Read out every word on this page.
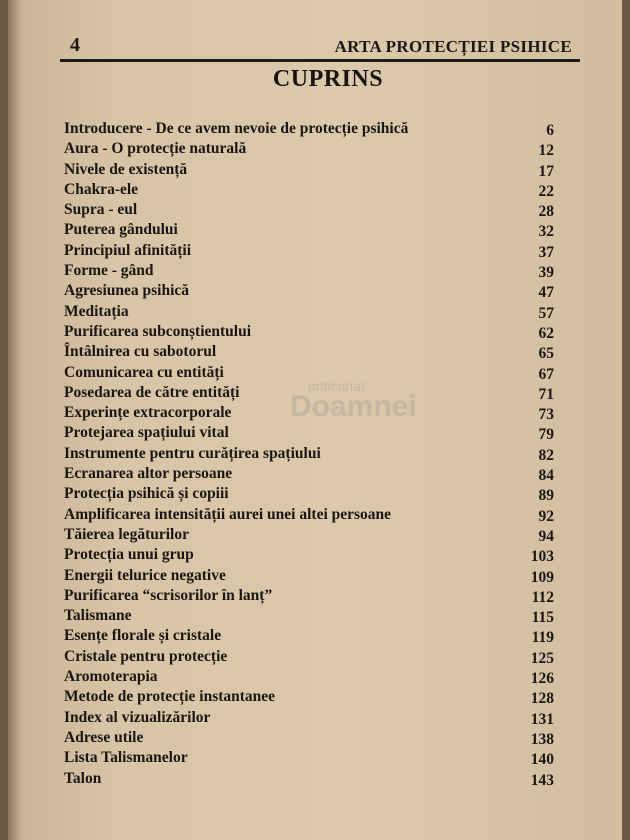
4	ARTA PROTECȚIEI PSIHICE
CUPRINS
Introducere - De ce avem nevoie de protecție psihică	6
Aura - O protecție naturală	12
Nivele de existență	17
Chakra-ele	22
Supra - eul	28
Puterea gândului	32
Principiul afinității	37
Forme - gând	39
Agresiunea psihică	47
Meditația	57
Purificarea subconștientului	62
Întâlnirea cu sabotorul	65
Comunicarea cu entități	67
Posedarea de către entități	71
Experințe extracorporale	73
Protejarea spațiului vital	79
Instrumente pentru curățirea spațiului	82
Ecranarea altor persoane	84
Protecția psihică și copiii	89
Amplificarea intensității aurei unei altei persoane	92
Tăierea legăturilor	94
Protecția unui grup	103
Energii telurice negative	109
Purificarea “scrisorilor în lanț”	112
Talismane	115
Esențe florale și cristale	119
Cristale pentru protecție	125
Aromoterapia	126
Metode de protecție instantanee	128
Index al vizualizărilor	131
Adrese utile	138
Lista Talismanelor	140
Talon	143
anticariat
Doamnei
